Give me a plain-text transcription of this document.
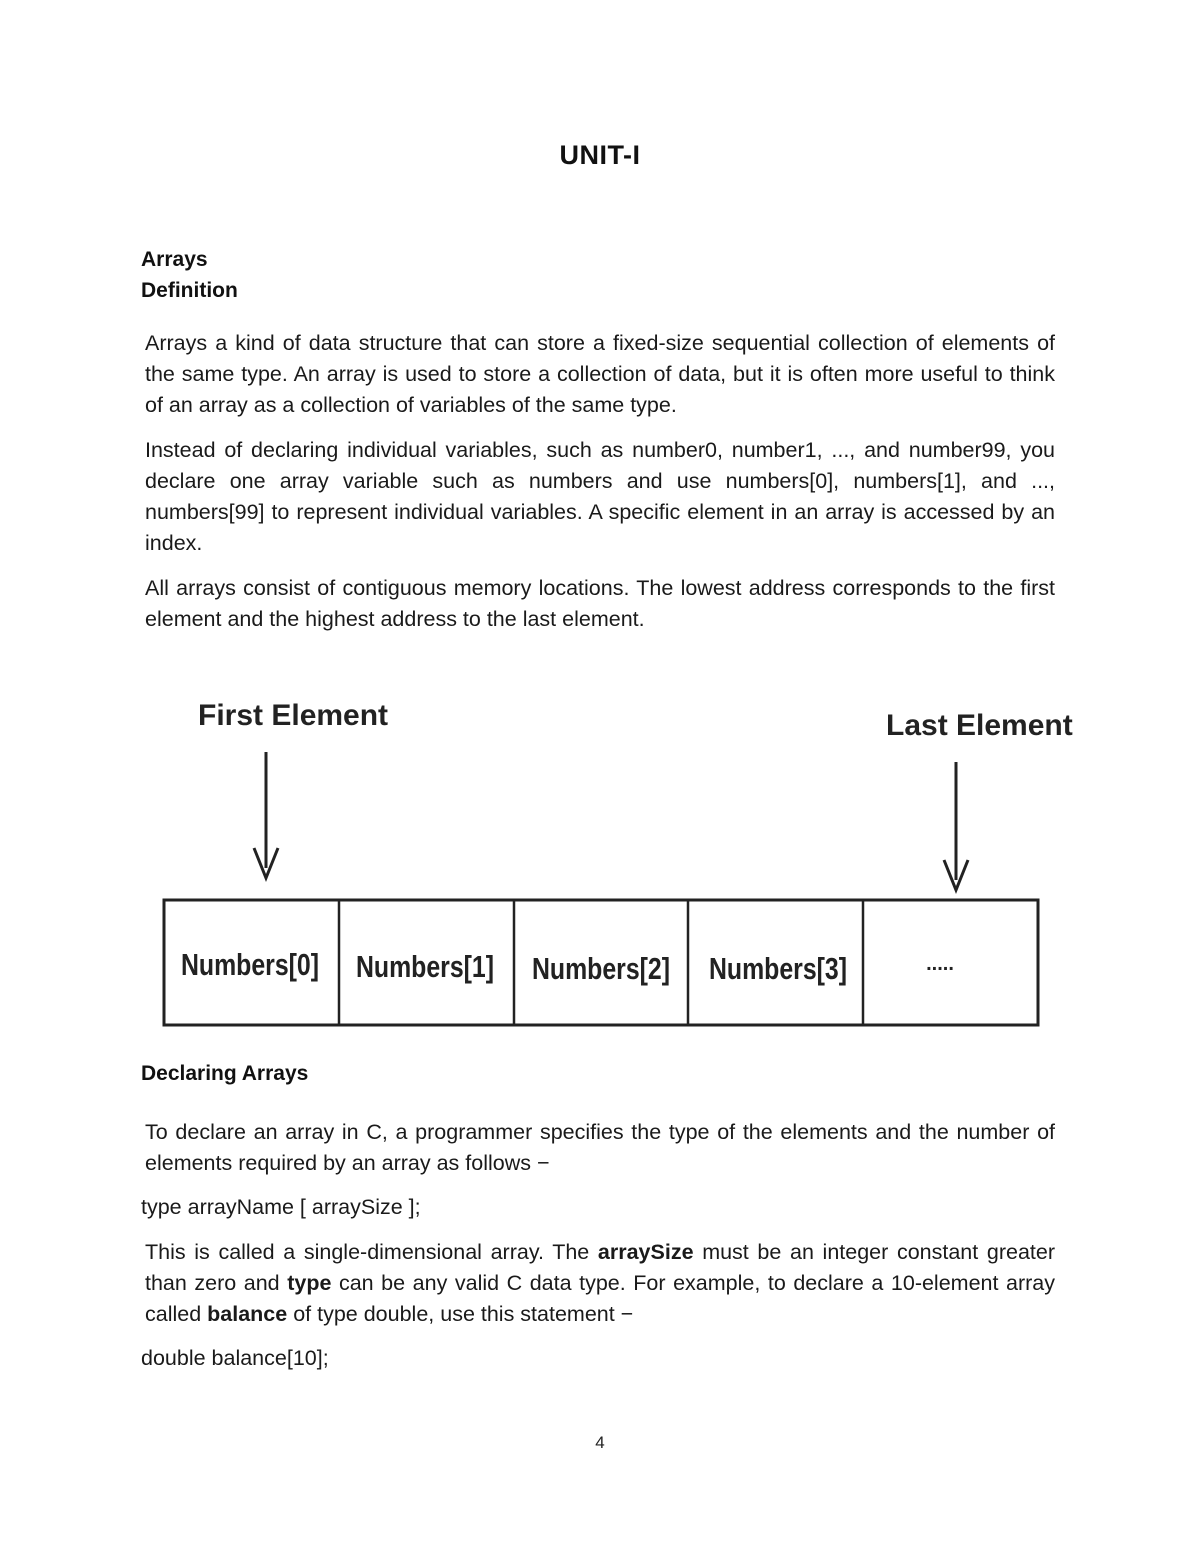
UNIT-I
Arrays
Definition
Arrays a kind of data structure that can store a fixed-size sequential collection of elements of the same type. An array is used to store a collection of data, but it is often more useful to think of an array as a collection of variables of the same type.
Instead of declaring individual variables, such as number0, number1, ..., and number99, you declare one array variable such as numbers and use numbers[0], numbers[1], and ..., numbers[99] to represent individual variables. A specific element in an array is accessed by an index.
All arrays consist of contiguous memory locations. The lowest address corresponds to the first element and the highest address to the last element.
First Element	Last Element
Numbers[0] Numbers[1] Numbers[2] Numbers[3]	.....
Declaring Arrays
To declare an array in C, a programmer specifies the type of the elements and the number of elements required by an array as follows −
type arrayName [ arraySize ];
This is called a single-dimensional array. The arraySize must be an integer constant greater than zero and type can be any valid C data type. For example, to declare a 10-element array called balance of type double, use this statement −
double balance[10];
4
